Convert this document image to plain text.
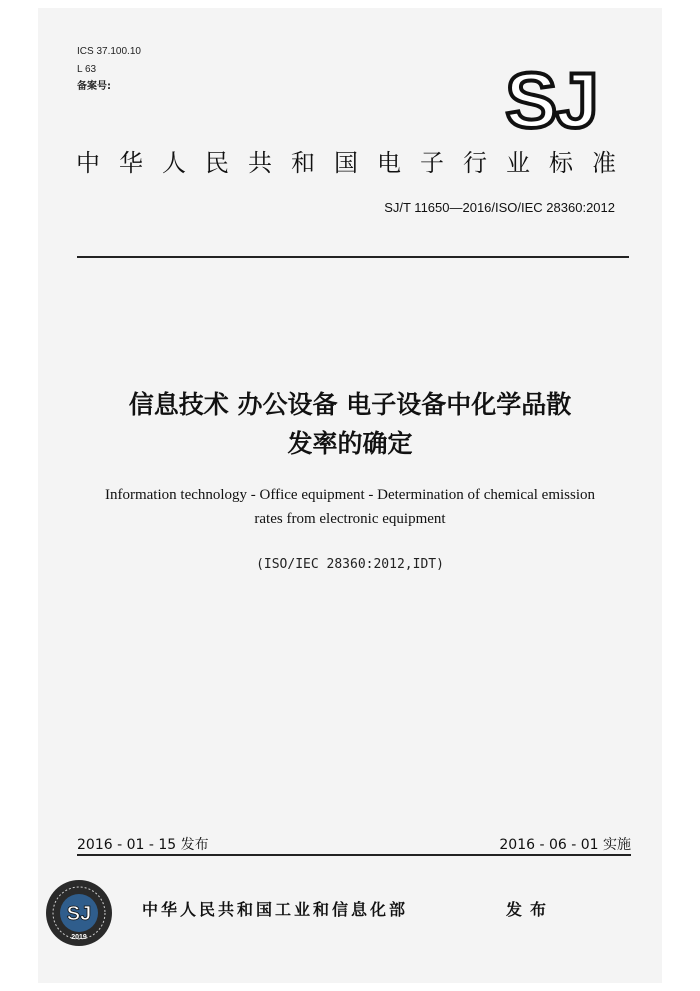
ICS 37.100.10
L 63
备案号:	SJ
中华人民共和国电子行业标准
SJ/T 11650—2016/ISO/IEC 28360:2012
信息技术 办公设备 电子设备中化学品散
发率的确定
Information technology - Office equipment - Determination of chemical emission
rates from electronic equipment
(ISO/IEC 28360:2012,IDT)
2016 - 01 - 15 发布	2016 - 06 - 01 实施
SJ
2019
中华人民共和国工业和信息化部	发布
